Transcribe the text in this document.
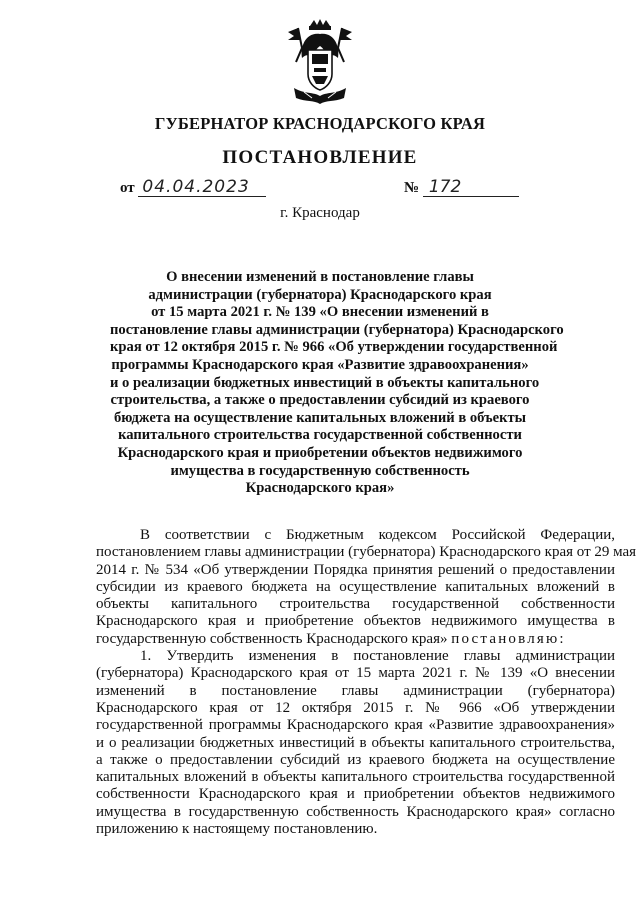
ГУБЕРНАТОР КРАСНОДАРСКОГО КРАЯ
ПОСТАНОВЛЕНИЕ
от 04.04.2023	№ 172
г. Краснодар
О внесении изменений в постановление главы
администрации (губернатора) Краснодарского края
от 15 марта 2021 г. № 139 «О внесении изменений в
постановление главы администрации (губернатора) Краснодарского
края от 12 октября 2015 г. № 966 «Об утверждении государственной
программы Краснодарского края «Развитие здравоохранения»
и о реализации бюджетных инвестиций в объекты капитального
строительства, а также о предоставлении субсидий из краевого
бюджета на осуществление капитальных вложений в объекты
капитального строительства государственной собственности
Краснодарского края и приобретении объектов недвижимого
имущества в государственную собственность
Краснодарского края»
В соответствии с Бюджетным кодексом Российской Федерации,
постановлением главы администрации (губернатора) Краснодарского края от 29 мая
2014 г. № 534 «Об утверждении Порядка принятия решений о предоставлении
субсидии из краевого бюджета на осуществление капитальных вложений в
объекты капитального строительства государственной собственности
Краснодарского края и приобретение объектов недвижимого имущества в
государственную собственность Краснодарского края» постановляю:
1. Утвердить изменения в постановление главы администрации
(губернатора) Краснодарского края от 15 марта 2021 г. № 139 «О внесении
изменений в постановление главы администрации (губернатора)
Краснодарского края от 12 октября 2015 г. № 966 «Об утверждении
государственной программы Краснодарского края «Развитие здравоохранения»
и о реализации бюджетных инвестиций в объекты капитального строительства,
а также о предоставлении субсидий из краевого бюджета на осуществление
капитальных вложений в объекты капитального строительства государственной
собственности Краснодарского края и приобретении объектов недвижимого
имущества в государственную собственность Краснодарского края» согласно
приложению к настоящему постановлению.
